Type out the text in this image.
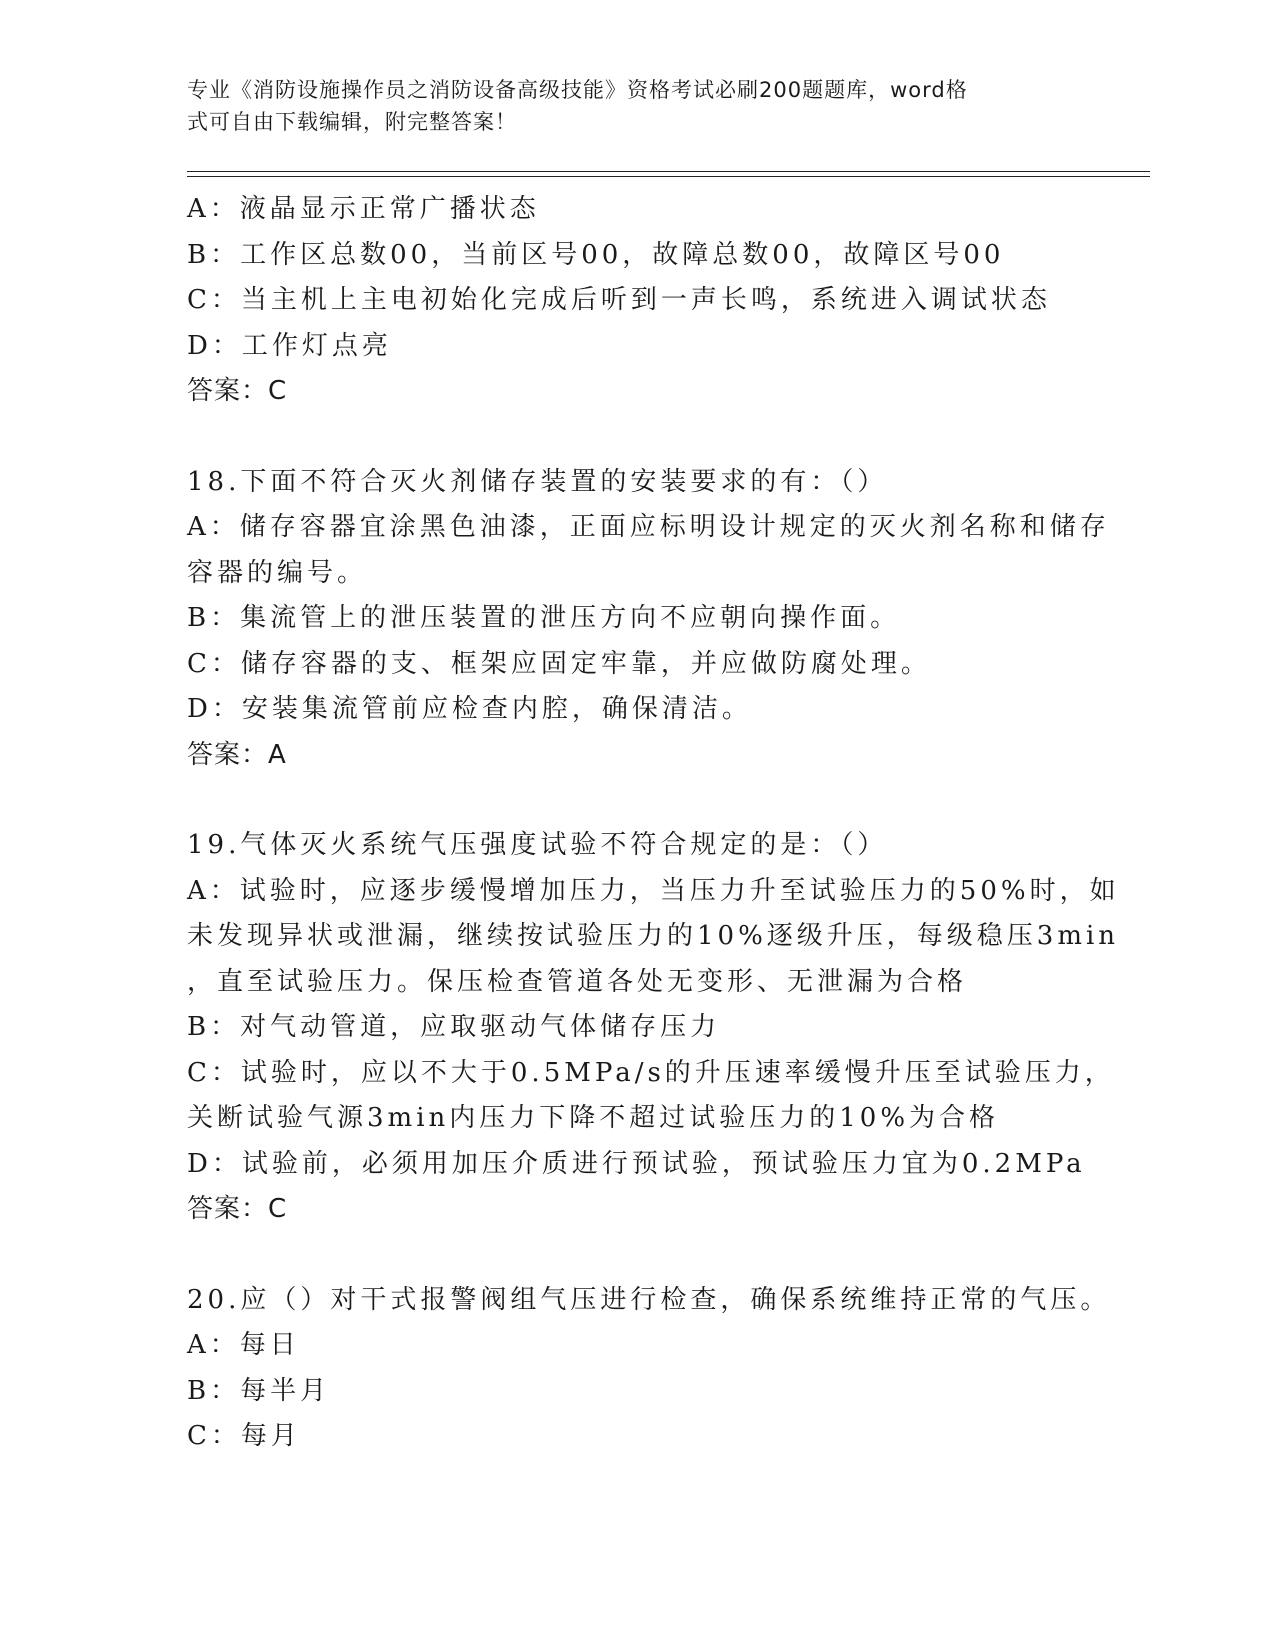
专业《消防设施操作员之消防设备高级技能》资格考试必刷200题题库，word格
式可自由下载编辑，附完整答案！
A：液晶显示正常广播状态
B：工作区总数00，当前区号00，故障总数00，故障区号00
C：当主机上主电初始化完成后听到一声长鸣，系统进入调试状态
D：工作灯点亮
答案：C
18.下面不符合灭火剂储存装置的安装要求的有：（）
A：储存容器宜涂黑色油漆，正面应标明设计规定的灭火剂名称和储存
容器的编号。
B：集流管上的泄压装置的泄压方向不应朝向操作面。
C：储存容器的支、框架应固定牢靠，并应做防腐处理。
D：安装集流管前应检查内腔，确保清洁。
答案：A
19.气体灭火系统气压强度试验不符合规定的是：（）
A：试验时，应逐步缓慢增加压力，当压力升至试验压力的50%时，如
未发现异状或泄漏，继续按试验压力的10%逐级升压，每级稳压3min
，直至试验压力。保压检查管道各处无变形、无泄漏为合格
B：对气动管道，应取驱动气体储存压力
C：试验时，应以不大于0.5MPa/s的升压速率缓慢升压至试验压力，
关断试验气源3min内压力下降不超过试验压力的10%为合格
D：试验前，必须用加压介质进行预试验，预试验压力宜为0.2MPa
答案：C
20.应（）对干式报警阀组气压进行检查，确保系统维持正常的气压。
A：每日
B：每半月
C：每月
